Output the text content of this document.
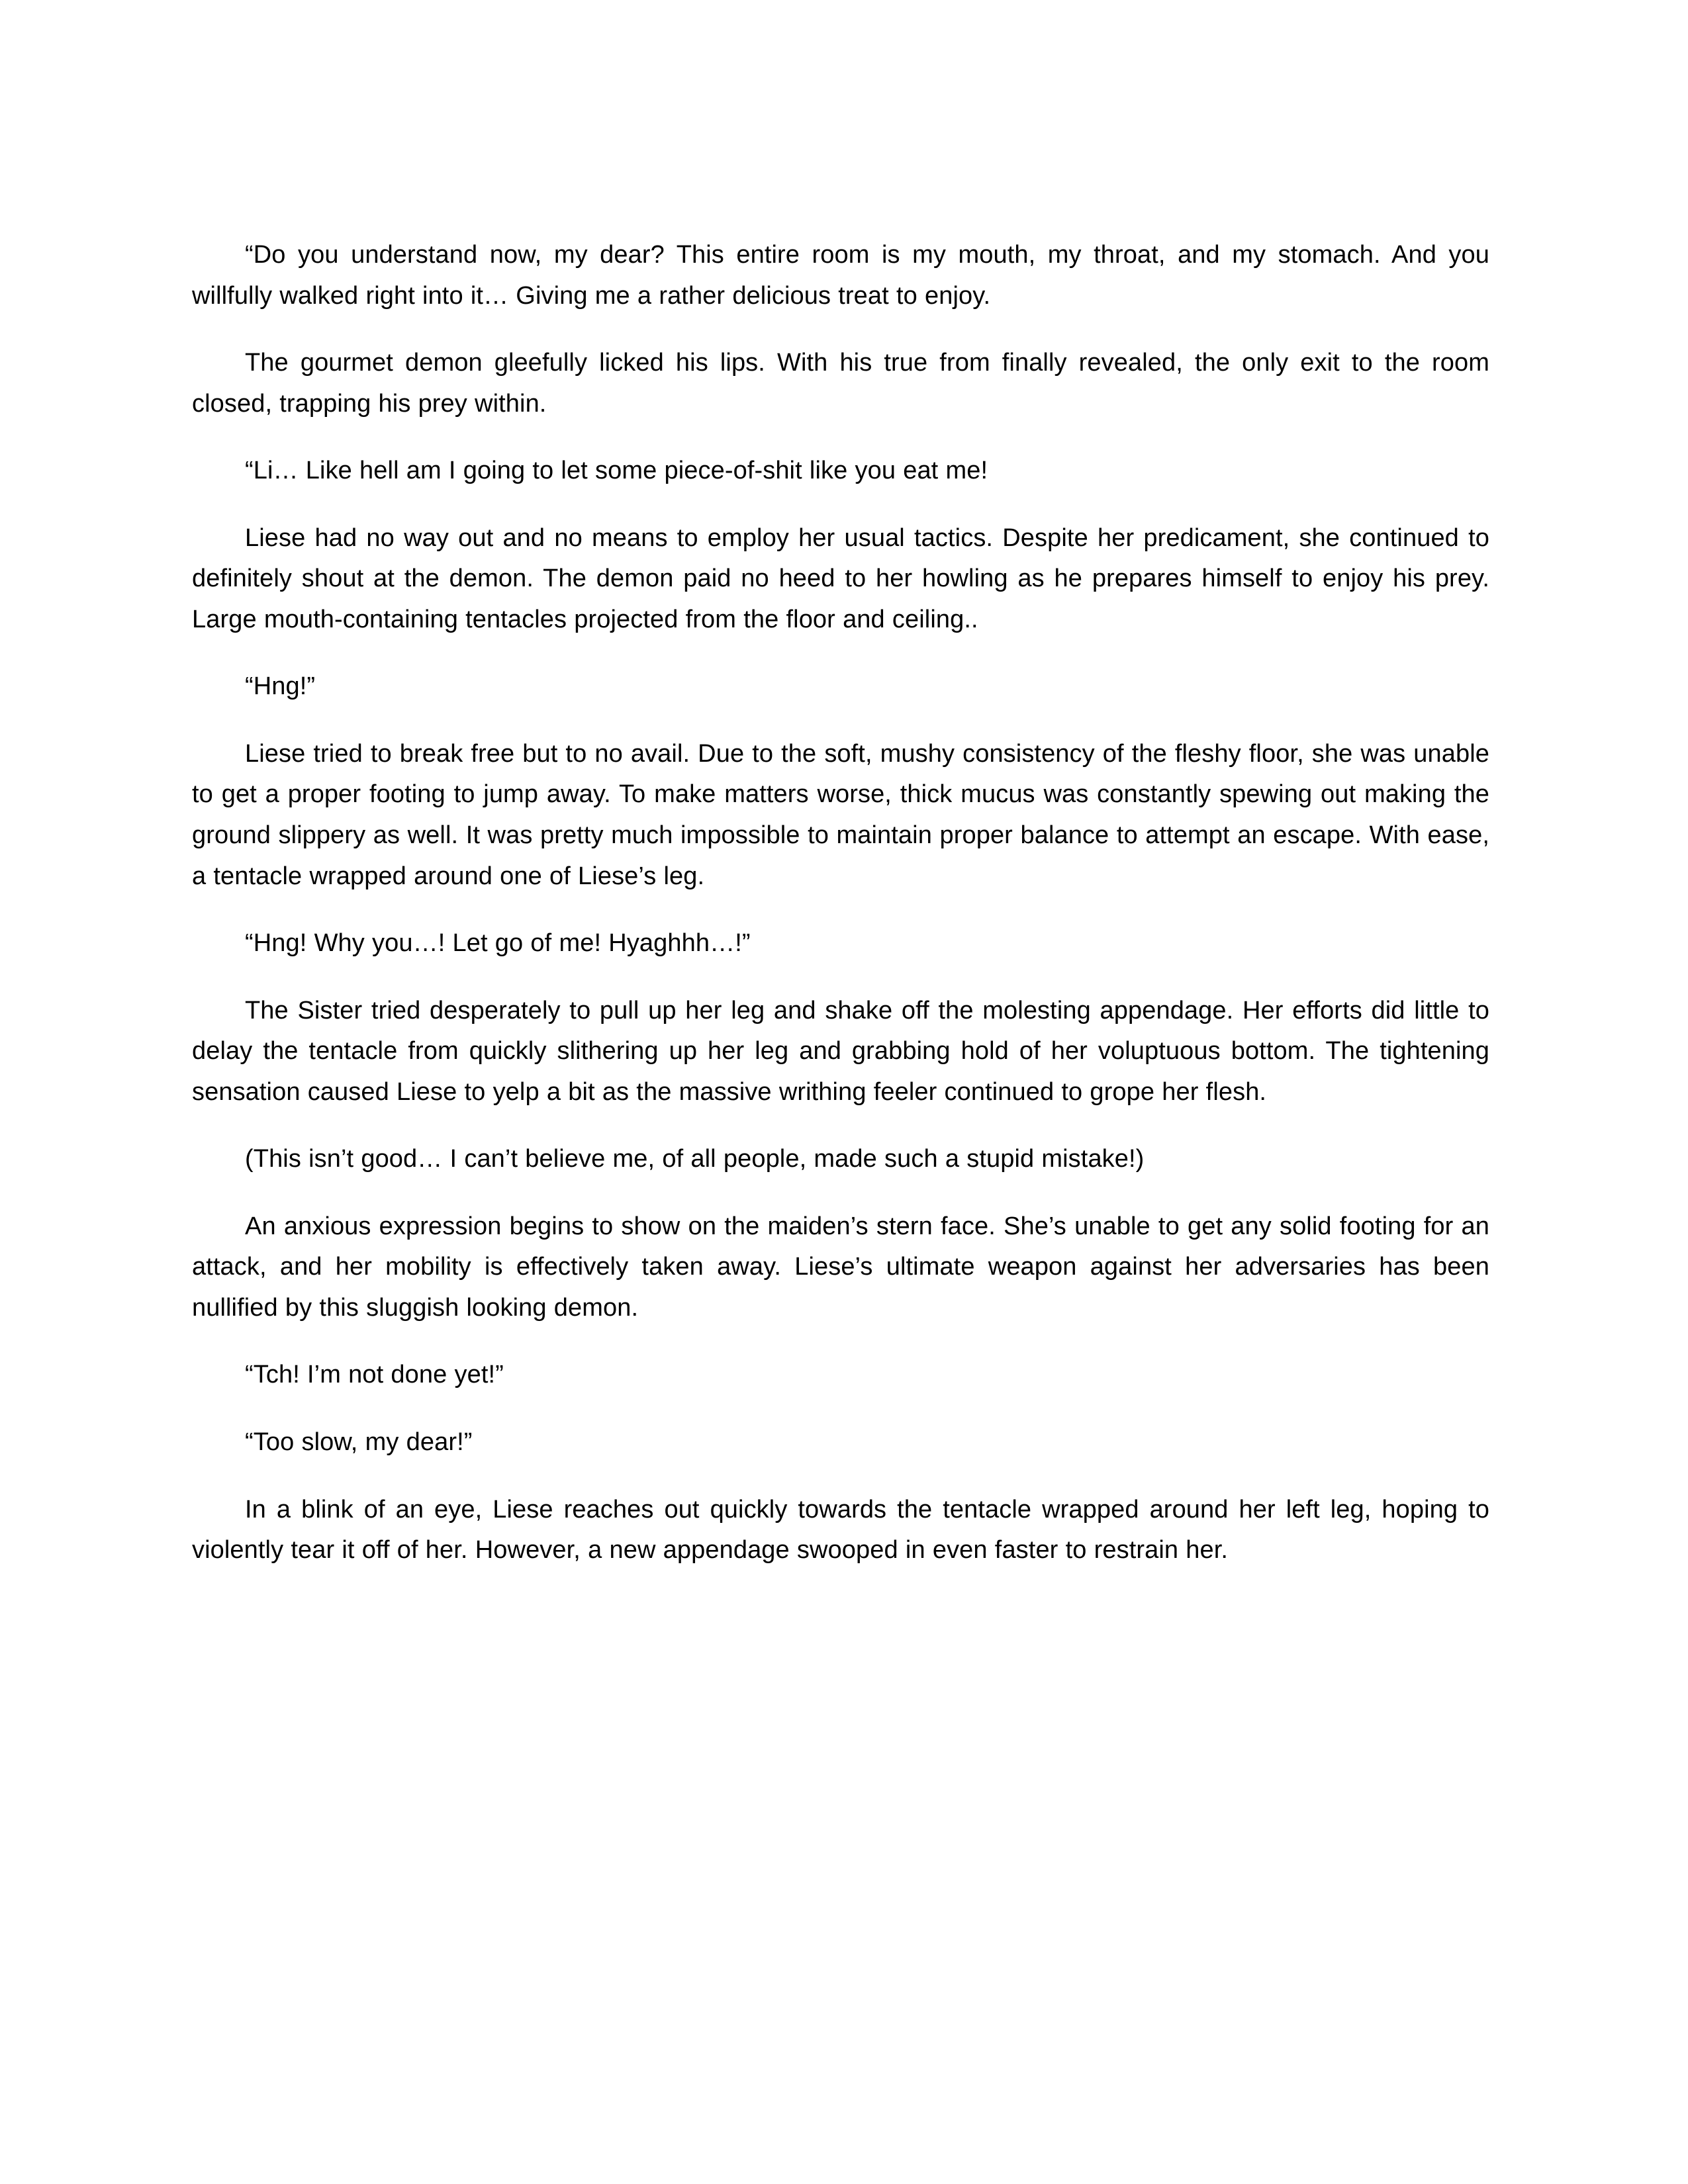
“Do you understand now, my dear? This entire room is my mouth, my throat, and my stomach. And you willfully walked right into it… Giving me a rather delicious treat to enjoy.

The gourmet demon gleefully licked his lips. With his true from finally revealed, the only exit to the room closed, trapping his prey within.

“Li… Like hell am I going to let some piece-of-shit like you eat me!

Liese had no way out and no means to employ her usual tactics. Despite her predicament, she continued to definitely shout at the demon. The demon paid no heed to her howling as he prepares himself to enjoy his prey. Large mouth-containing tentacles projected from the floor and ceiling..

“Hng!”

Liese tried to break free but to no avail. Due to the soft, mushy consistency of the fleshy floor, she was unable to get a proper footing to jump away. To make matters worse, thick mucus was constantly spewing out making the ground slippery as well. It was pretty much impossible to maintain proper balance to attempt an escape. With ease, a tentacle wrapped around one of Liese’s leg.

“Hng! Why you…! Let go of me! Hyaghhh…!”

The Sister tried desperately to pull up her leg and shake off the molesting appendage. Her efforts did little to delay the tentacle from quickly slithering up her leg and grabbing hold of her voluptuous bottom. The tightening sensation caused Liese to yelp a bit as the massive writhing feeler continued to grope her flesh.

(This isn’t good… I can’t believe me, of all people, made such a stupid mistake!)

An anxious expression begins to show on the maiden’s stern face. She’s unable to get any solid footing for an attack, and her mobility is effectively taken away. Liese’s ultimate weapon against her adversaries has been nullified by this sluggish looking demon.

“Tch! I’m not done yet!”

“Too slow, my dear!”

In a blink of an eye, Liese reaches out quickly towards the tentacle wrapped around her left leg, hoping to violently tear it off of her. However, a new appendage swooped in even faster to restrain her.
